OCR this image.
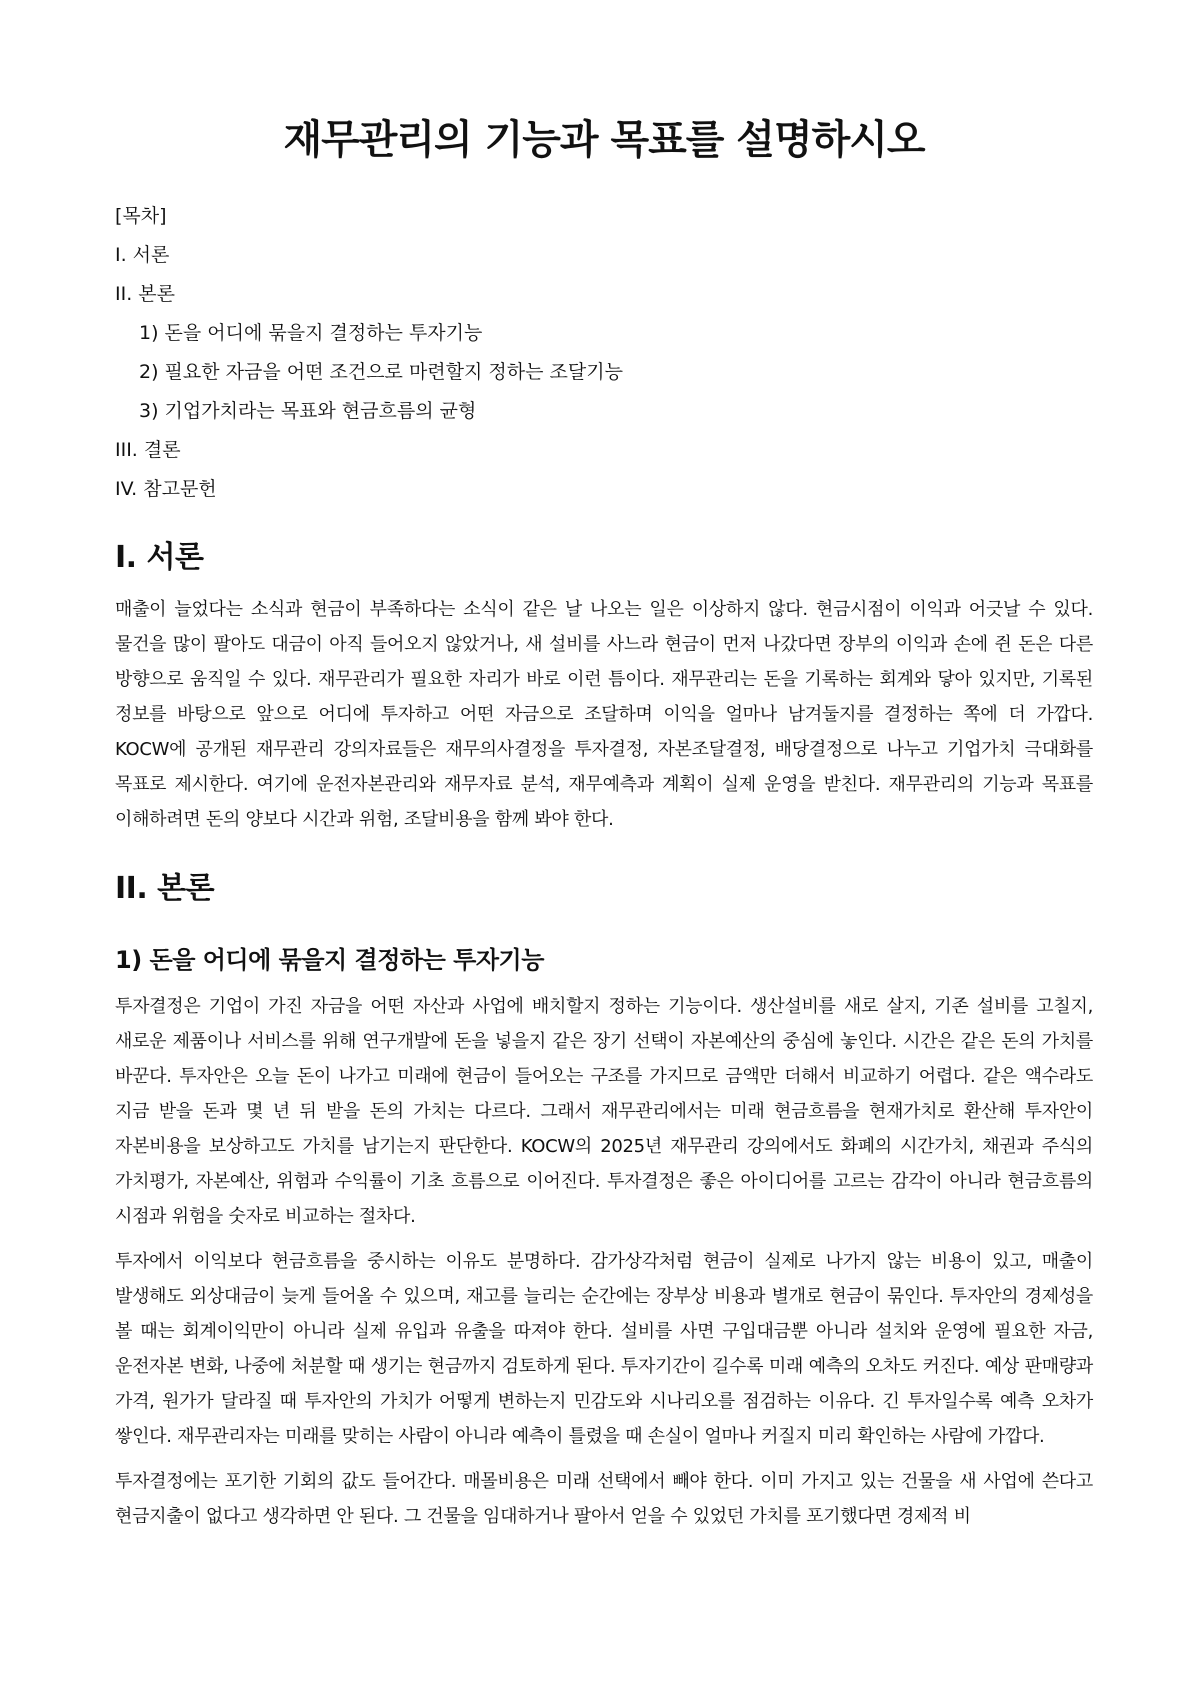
재무관리의 기능과 목표를 설명하시오
[목차]
I. 서론
II. 본론
1) 돈을 어디에 묶을지 결정하는 투자기능
2) 필요한 자금을 어떤 조건으로 마련할지 정하는 조달기능
3) 기업가치라는 목표와 현금흐름의 균형
III. 결론
IV. 참고문헌
I. 서론

매출이 늘었다는 소식과 현금이 부족하다는 소식이 같은 날 나오는 일은 이상하지 않다. 현금시점이 이익과 어긋날 수 있다. 물건을 많이 팔아도 대금이 아직 들어오지 않았거나, 새 설비를 사느라 현금이 먼저 나갔다면 장부의 이익과 손에 쥔 돈은 다른 방향으로 움직일 수 있다. 재무관리가 필요한 자리가 바로 이런 틈이다. 재무관리는 돈을 기록하는 회계와 닿아 있지만, 기록된 정보를 바탕으로 앞으로 어디에 투자하고 어떤 자금으로 조달하며 이익을 얼마나 남겨둘지를 결정하는 쪽에 더 가깝다. KOCW에 공개된 재무관리 강의자료들은 재무의사결정을 투자결정, 자본조달결정, 배당결정으로 나누고 기업가치 극대화를 목표로 제시한다. 여기에 운전자본관리와 재무자료 분석, 재무예측과 계획이 실제 운영을 받친다. 재무관리의 기능과 목표를 이해하려면 돈의 양보다 시간과 위험, 조달비용을 함께 봐야 한다.

II. 본론
1) 돈을 어디에 묶을지 결정하는 투자기능

투자결정은 기업이 가진 자금을 어떤 자산과 사업에 배치할지 정하는 기능이다. 생산설비를 새로 살지, 기존 설비를 고칠지, 새로운 제품이나 서비스를 위해 연구개발에 돈을 넣을지 같은 장기 선택이 자본예산의 중심에 놓인다. 시간은 같은 돈의 가치를 바꾼다. 투자안은 오늘 돈이 나가고 미래에 현금이 들어오는 구조를 가지므로 금액만 더해서 비교하기 어렵다. 같은 액수라도 지금 받을 돈과 몇 년 뒤 받을 돈의 가치는 다르다. 그래서 재무관리에서는 미래 현금흐름을 현재가치로 환산해 투자안이 자본비용을 보상하고도 가치를 남기는지 판단한다. KOCW의 2025년 재무관리 강의에서도 화폐의 시간가치, 채권과 주식의 가치평가, 자본예산, 위험과 수익률이 기초 흐름으로 이어진다. 투자결정은 좋은 아이디어를 고르는 감각이 아니라 현금흐름의 시점과 위험을 숫자로 비교하는 절차다.

투자에서 이익보다 현금흐름을 중시하는 이유도 분명하다. 감가상각처럼 현금이 실제로 나가지 않는 비용이 있고, 매출이 발생해도 외상대금이 늦게 들어올 수 있으며, 재고를 늘리는 순간에는 장부상 비용과 별개로 현금이 묶인다. 투자안의 경제성을 볼 때는 회계이익만이 아니라 실제 유입과 유출을 따져야 한다. 설비를 사면 구입대금뿐 아니라 설치와 운영에 필요한 자금, 운전자본 변화, 나중에 처분할 때 생기는 현금까지 검토하게 된다. 투자기간이 길수록 미래 예측의 오차도 커진다. 예상 판매량과 가격, 원가가 달라질 때 투자안의 가치가 어떻게 변하는지 민감도와 시나리오를 점검하는 이유다. 긴 투자일수록 예측 오차가 쌓인다. 재무관리자는 미래를 맞히는 사람이 아니라 예측이 틀렸을 때 손실이 얼마나 커질지 미리 확인하는 사람에 가깝다.

투자결정에는 포기한 기회의 값도 들어간다. 매몰비용은 미래 선택에서 빼야 한다. 이미 가지고 있는 건물을 새 사업에 쓴다고 현금지출이 없다고 생각하면 안 된다. 그 건물을 임대하거나 팔아서 얻을 수 있었던 가치를 포기했다면 경제적 비
